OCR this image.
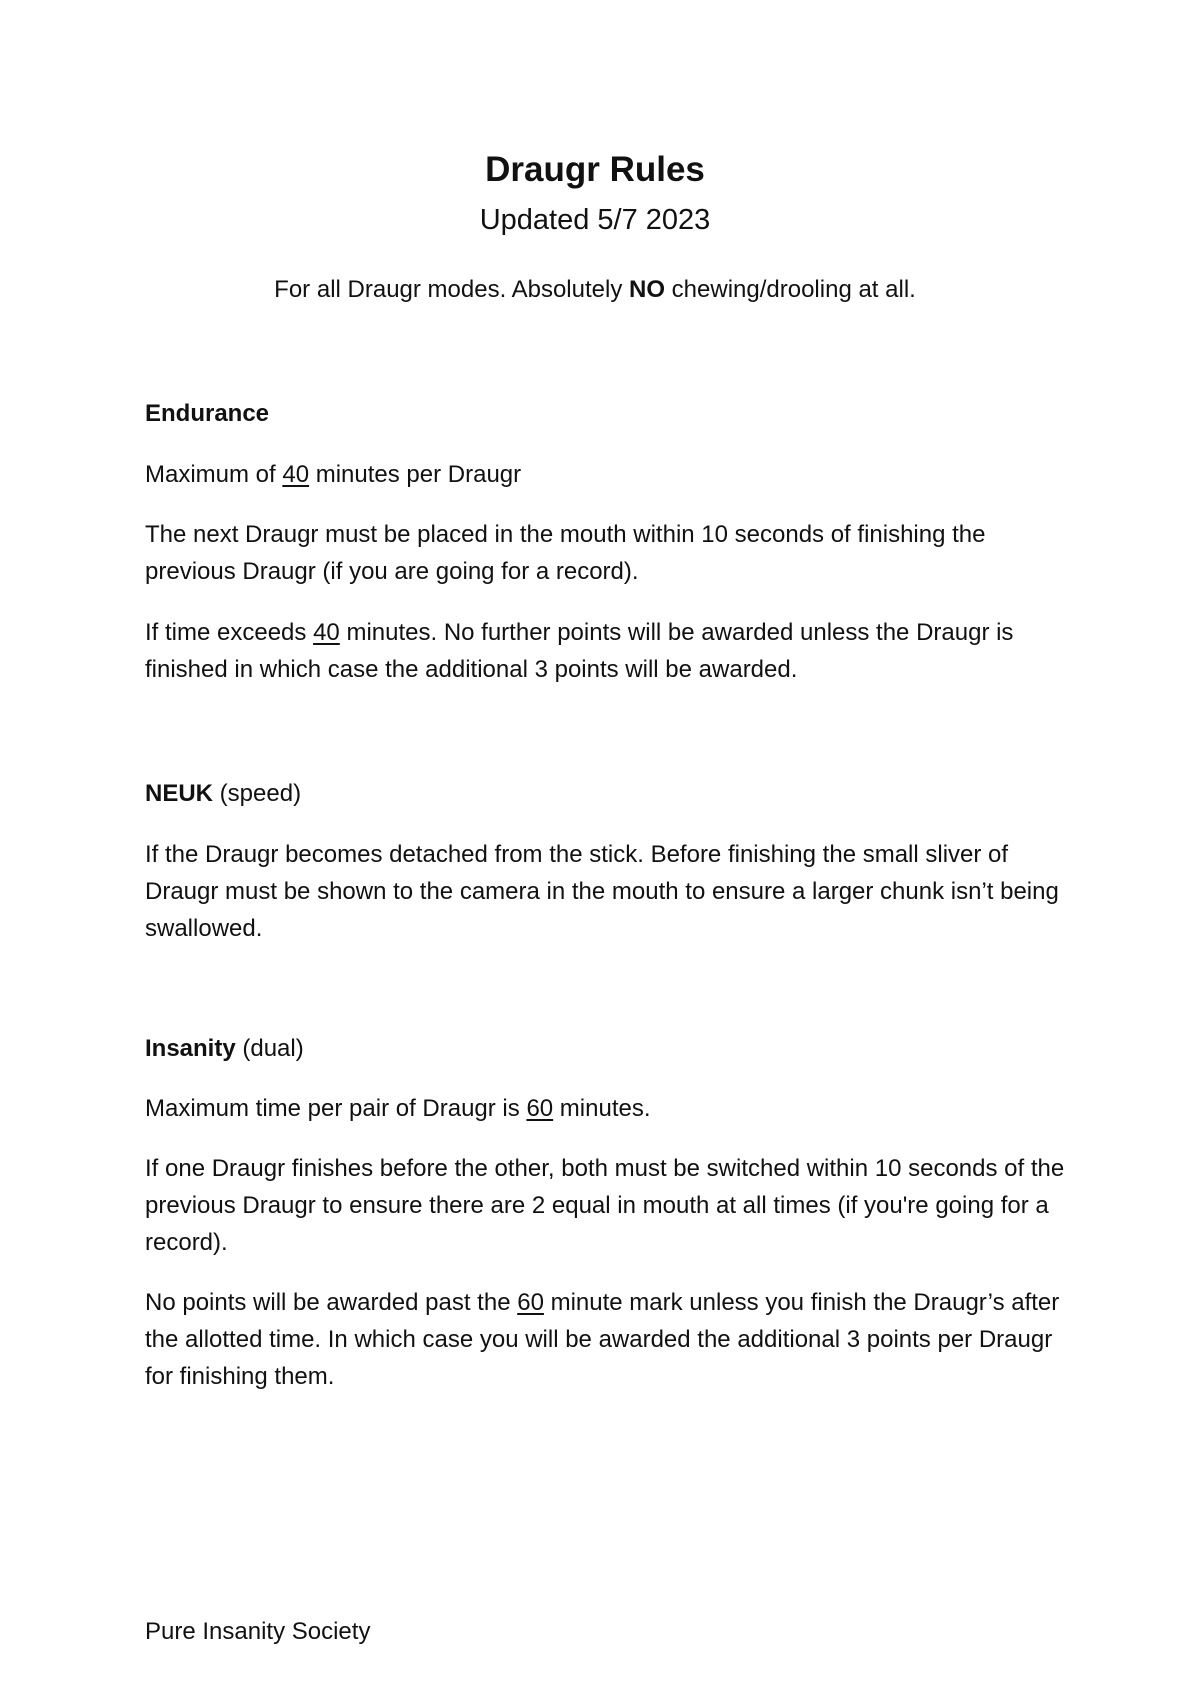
Draugr Rules
Updated 5/7 2023
For all Draugr modes. Absolutely NO chewing/drooling at all.
Endurance

Maximum of 40 minutes per Draugr

The next Draugr must be placed in the mouth within 10 seconds of finishing the previous Draugr (if you are going for a record).

If time exceeds 40 minutes. No further points will be awarded unless the Draugr is finished in which case the additional 3 points will be awarded.

NEUK (speed)

If the Draugr becomes detached from the stick. Before finishing the small sliver of Draugr must be shown to the camera in the mouth to ensure a larger chunk isn’t being swallowed.

Insanity (dual)

Maximum time per pair of Draugr is 60 minutes.

If one Draugr finishes before the other, both must be switched within 10 seconds of the previous Draugr to ensure there are 2 equal in mouth at all times (if you're going for a record).

No points will be awarded past the 60 minute mark unless you finish the Draugr’s after the allotted time. In which case you will be awarded the additional 3 points per Draugr for finishing them.

Pure Insanity Society
